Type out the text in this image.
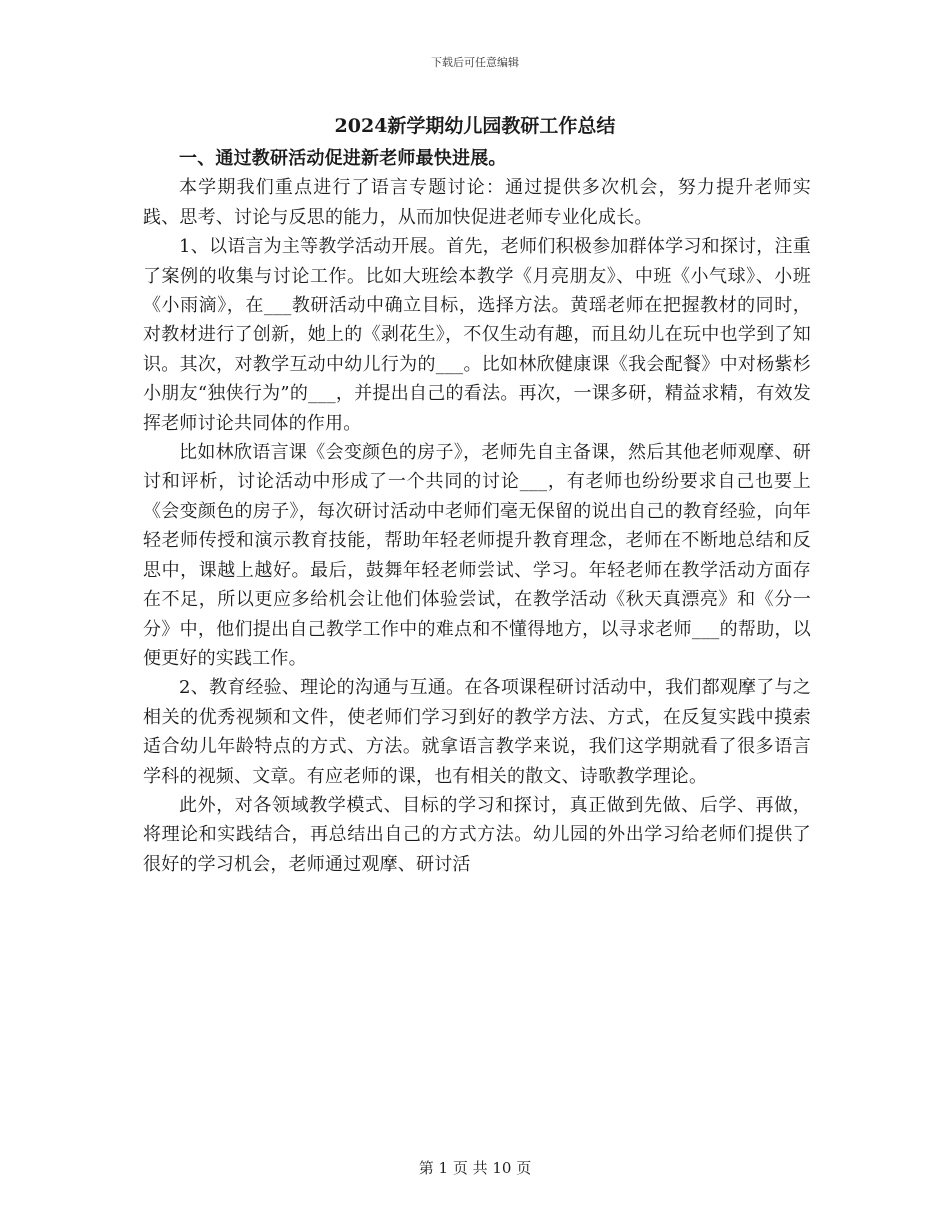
下载后可任意编辑
2024新学期幼儿园教研工作总结
一、通过教研活动促进新老师最快进展。

本学期我们重点进行了语言专题讨论：通过提供多次机会，努力提升老师实践、思考、讨论与反思的能力，从而加快促进老师专业化成长。

1、以语言为主等教学活动开展。首先，老师们积极参加群体学习和探讨，注重了案例的收集与讨论工作。比如大班绘本教学《月亮朋友》、中班《小气球》、小班《小雨滴》，在___教研活动中确立目标，选择方法。黄瑶老师在把握教材的同时，对教材进行了创新，她上的《剥花生》，不仅生动有趣，而且幼儿在玩中也学到了知识。其次，对教学互动中幼儿行为的___。比如林欣健康课《我会配餐》中对杨紫杉小朋友“独侠行为”的___，并提出自己的看法。再次，一课多研，精益求精，有效发挥老师讨论共同体的作用。

比如林欣语言课《会变颜色的房子》，老师先自主备课，然后其他老师观摩、研讨和评析，讨论活动中形成了一个共同的讨论___，有老师也纷纷要求自己也要上《会变颜色的房子》，每次研讨活动中老师们毫无保留的说出自己的教育经验，向年轻老师传授和演示教育技能，帮助年轻老师提升教育理念，老师在不断地总结和反思中，课越上越好。最后，鼓舞年轻老师尝试、学习。年轻老师在教学活动方面存在不足，所以更应多给机会让他们体验尝试，在教学活动《秋天真漂亮》和《分一分》中，他们提出自己教学工作中的难点和不懂得地方，以寻求老师___的帮助，以便更好的实践工作。

2、教育经验、理论的沟通与互通。在各项课程研讨活动中，我们都观摩了与之相关的优秀视频和文件，使老师们学习到好的教学方法、方式，在反复实践中摸索适合幼儿年龄特点的方式、方法。就拿语言教学来说，我们这学期就看了很多语言学科的视频、文章。有应老师的课，也有相关的散文、诗歌教学理论。

此外，对各领域教学模式、目标的学习和探讨，真正做到先做、后学、再做，将理论和实践结合，再总结出自己的方式方法。幼儿园的外出学习给老师们提供了很好的学习机会，老师通过观摩、研讨活

第 1 页 共 10 页
